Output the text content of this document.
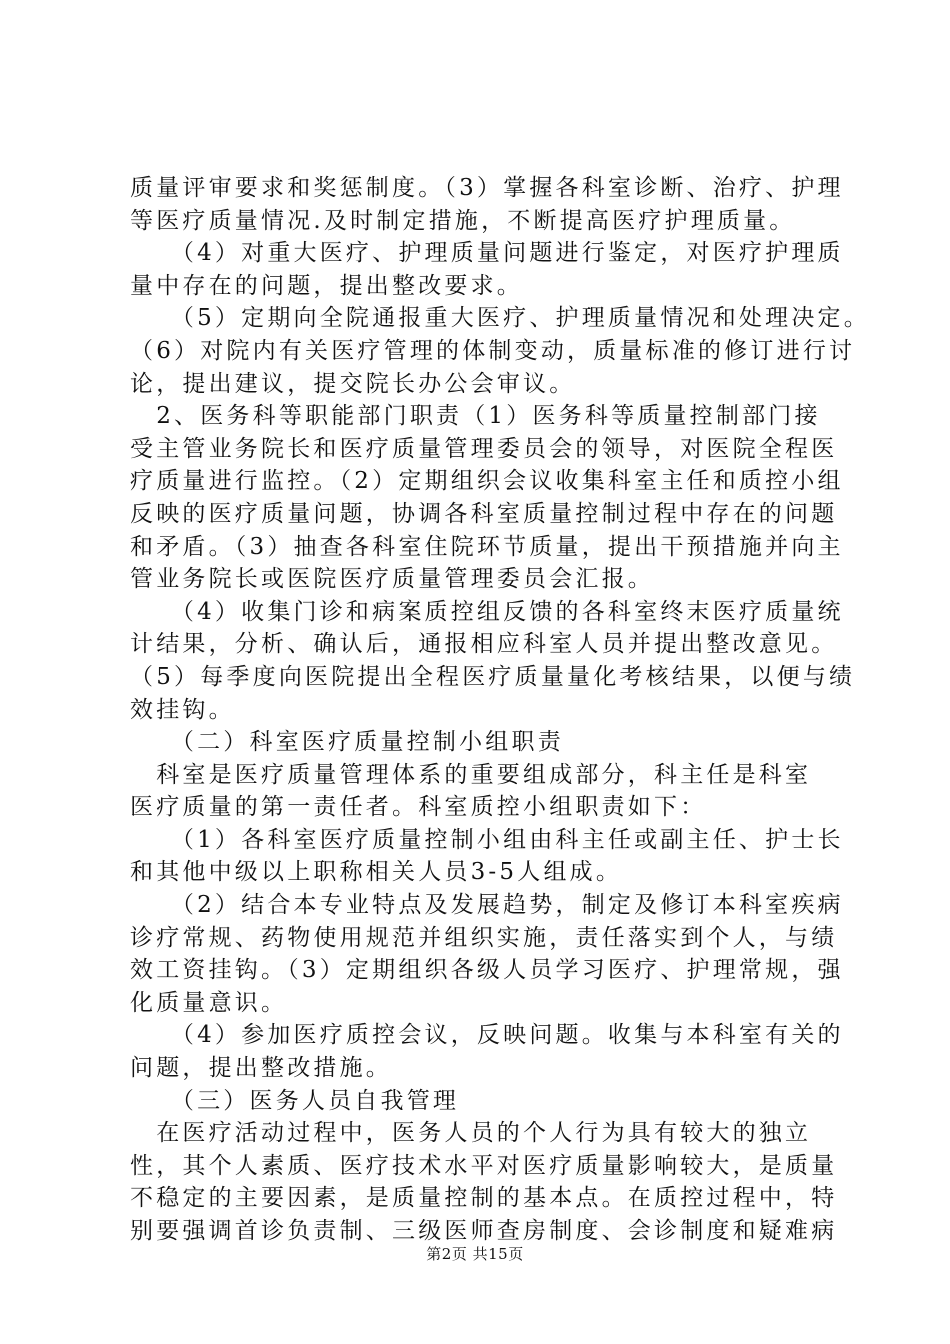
质量评审要求和奖惩制度。（3）掌握各科室诊断、治疗、护理
等医疗质量情况.及时制定措施，不断提高医疗护理质量。
　　（4）对重大医疗、护理质量问题进行鉴定，对医疗护理质
量中存在的问题，提出整改要求。
　　（5）定期向全院通报重大医疗、护理质量情况和处理决定。
（6）对院内有关医疗管理的体制变动，质量标准的修订进行讨
论，提出建议，提交院长办公会审议。
　2、医务科等职能部门职责（1）医务科等质量控制部门接
受主管业务院长和医疗质量管理委员会的领导，对医院全程医
疗质量进行监控。（2）定期组织会议收集科室主任和质控小组
反映的医疗质量问题，协调各科室质量控制过程中存在的问题
和矛盾。（3）抽查各科室住院环节质量，提出干预措施并向主
管业务院长或医院医疗质量管理委员会汇报。
　　（4）收集门诊和病案质控组反馈的各科室终末医疗质量统
计结果，分析、确认后，通报相应科室人员并提出整改意见。
（5）每季度向医院提出全程医疗质量量化考核结果，以便与绩
效挂钩。
　　（二）科室医疗质量控制小组职责
　科室是医疗质量管理体系的重要组成部分，科主任是科室
医疗质量的第一责任者。科室质控小组职责如下：
　　（1）各科室医疗质量控制小组由科主任或副主任、护士长
和其他中级以上职称相关人员3-5人组成。
　　（2）结合本专业特点及发展趋势，制定及修订本科室疾病
诊疗常规、药物使用规范并组织实施，责任落实到个人，与绩
效工资挂钩。（3）定期组织各级人员学习医疗、护理常规，强
化质量意识。
　　（4）参加医疗质控会议，反映问题。收集与本科室有关的
问题，提出整改措施。
　　（三）医务人员自我管理
　在医疗活动过程中，医务人员的个人行为具有较大的独立
性，其个人素质、医疗技术水平对医疗质量影响较大，是质量
不稳定的主要因素，是质量控制的基本点。在质控过程中，特
别要强调首诊负责制、三级医师查房制度、会诊制度和疑难病
第2页 共15页
